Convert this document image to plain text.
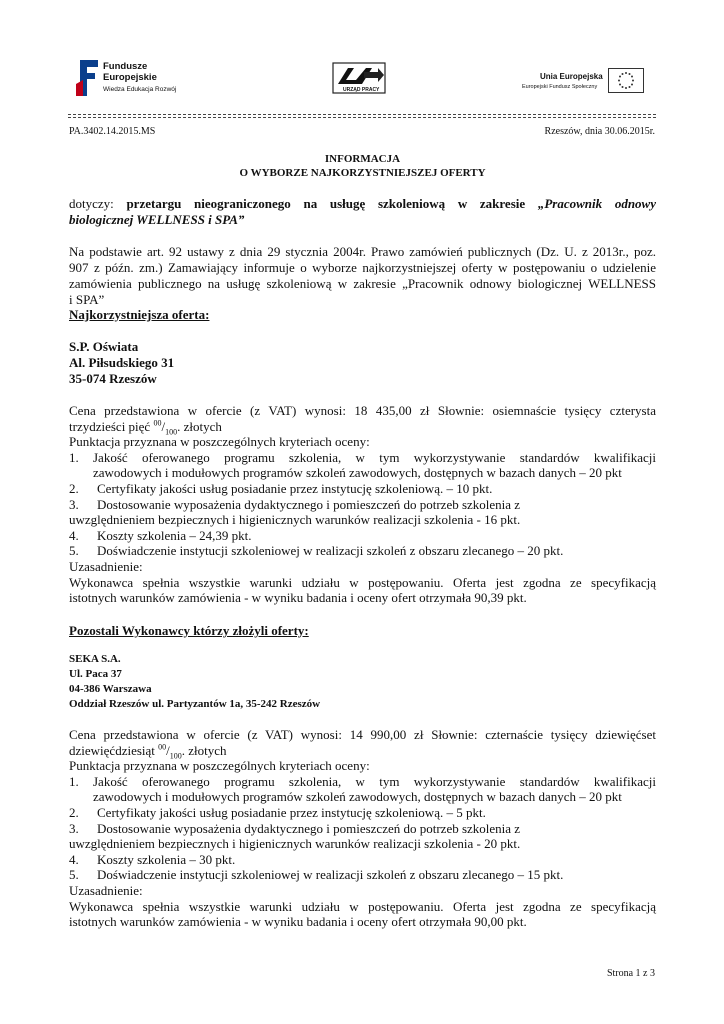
Fundusze
Europejskie
Wiedza Edukacja Rozwój	URZĄD PRACY
Unia Europejska
Europejski Fundusz Społeczny
PA.3402.14.2015.MS	Rzeszów, dnia 30.06.2015r.
INFORMACJA
O WYBORZE NAJKORZYSTNIEJSZEJ OFERTY
dotyczy: przetargu nieograniczonego na usługę szkoleniową w zakresie „Pracownik odnowy
biologicznej WELLNESS i SPA”
Na podstawie art. 92 ustawy z dnia 29 stycznia 2004r. Prawo zamówień publicznych (Dz. U. z 2013r., poz.
907 z późn. zm.) Zamawiający informuje o wyborze najkorzystniejszej oferty w postępowaniu o udzielenie
zamówienia publicznego na usługę szkoleniową w zakresie „Pracownik odnowy biologicznej WELLNESS
i SPA”
Najkorzystniejsza oferta:
S.P. Oświata
Al. Piłsudskiego 31
35-074 Rzeszów
Cena przedstawiona w ofercie (z VAT) wynosi: 18 435,00 zł Słownie: osiemnaście tysięcy czterysta
trzydzieści pięć $^{00}/_{100}$. złotych
Punktacja przyznana w poszczególnych kryteriach oceny:
1.	Jakość oferowanego programu szkolenia, w tym wykorzystywanie standardów kwalifikacji
zawodowych i modułowych programów szkoleń zawodowych, dostępnych w bazach danych – 20 pkt
2.	Certyfikaty jakości usług posiadanie przez instytucję szkoleniową. – 10 pkt.
3.	Dostosowanie wyposażenia dydaktycznego i pomieszczeń do potrzeb szkolenia z
uwzględnieniem bezpiecznych i higienicznych warunków realizacji szkolenia - 16 pkt.
4.	Koszty szkolenia – 24,39 pkt.
5.	Doświadczenie instytucji szkoleniowej w realizacji szkoleń z obszaru zlecanego – 20 pkt.
Uzasadnienie:
Wykonawca spełnia wszystkie warunki udziału w postępowaniu. Oferta jest zgodna ze specyfikacją
istotnych warunków zamówienia - w wyniku badania i oceny ofert otrzymała 90,39 pkt.
Pozostali Wykonawcy którzy złożyli oferty:
SEKA S.A.
Ul. Paca 37
04-386 Warszawa
Oddział Rzeszów ul. Partyzantów 1a, 35-242 Rzeszów
Cena przedstawiona w ofercie (z VAT) wynosi: 14 990,00 zł Słownie: czternaście tysięcy dziewięćset
dziewięćdziesiąt $^{00}/_{100}$. złotych
Punktacja przyznana w poszczególnych kryteriach oceny:
1.	Jakość oferowanego programu szkolenia, w tym wykorzystywanie standardów kwalifikacji
zawodowych i modułowych programów szkoleń zawodowych, dostępnych w bazach danych – 20 pkt
2.	Certyfikaty jakości usług posiadanie przez instytucję szkoleniową. – 5 pkt.
3.	Dostosowanie wyposażenia dydaktycznego i pomieszczeń do potrzeb szkolenia z
uwzględnieniem bezpiecznych i higienicznych warunków realizacji szkolenia - 20 pkt.
4.	Koszty szkolenia – 30 pkt.
5.	Doświadczenie instytucji szkoleniowej w realizacji szkoleń z obszaru zlecanego – 15 pkt.
Uzasadnienie:
Wykonawca spełnia wszystkie warunki udziału w postępowaniu. Oferta jest zgodna ze specyfikacją
istotnych warunków zamówienia - w wyniku badania i oceny ofert otrzymała 90,00 pkt.
Strona 1 z 3
